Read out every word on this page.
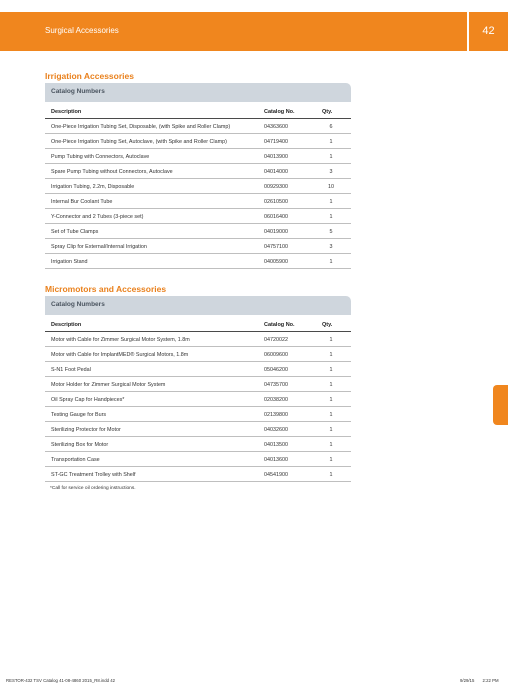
Surgical Accessories	42
Irrigation Accessories
Catalog Numbers
Description	Catalog No.	Qty.
One-Piece Irrigation Tubing Set, Disposable, (with Spike and Roller Clamp)	04363600	6
One-Piece Irrigation Tubing Set, Autoclave, (with Spike and Roller Clamp)	04719400	1
Pump Tubing with Connectors, Autoclave	04013900	1
Spare Pump Tubing without Connectors, Autoclave	04014000	3
Irrigation Tubing, 2.2m, Disposable	00929300	10
Internal Bur Coolant Tube	02610500	1
Y-Connector and 2 Tubes (3-piece set)	06016400	1
Set of Tube Clamps	04019000	5
Spray Clip for External/Internal Irrigation	04757100	3
Irrigation Stand	04005900	1
Micromotors and Accessories
Catalog Numbers
Description	Catalog No.	Qty.
Motor with Cable for Zimmer Surgical Motor System, 1.8m	04720022	1
Motor with Cable for ImplantMED® Surgical Motors, 1.8m	06009600	1
S-N1 Foot Pedal	05046200	1
Motor Holder for Zimmer Surgical Motor System	04735700	1
Oil Spray Cap for Handpieces*	02038200	1
Testing Gauge for Burs	02139800	1
Sterilizing Protector for Motor	04032600	1
Sterilizing Box for Motor	04013500	1
Transportation Case	04013600	1
ST-GC Treatment Trolley with Shelf	04541900	1
*Call for service oil ordering instructions.
RESTOR-432 TSV Catalog 41-08-4860 2015_R8.indd 42	9/29/15 2:22 PM
